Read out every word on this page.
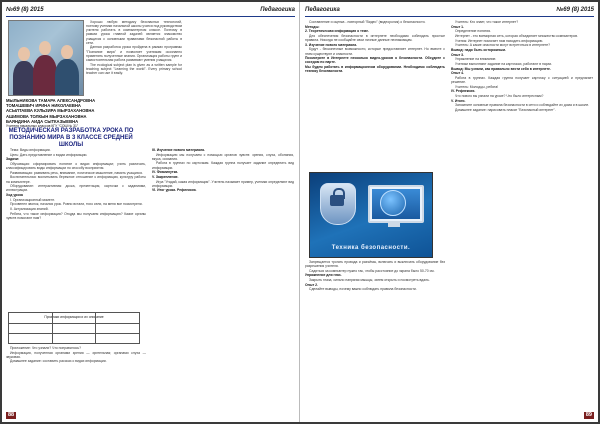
№69 (8) 2015	Педагогика

Хорошо любую методику безопасных технологий, поэтому ученики начальной школы учатся под руководством учителя работать в компьютерном классе. Поэтому в рамках урока главной задачей является знакомство учащихся с основными правилами безопасной работы в сети.

Данная разработка урока пройдена в рамках программы "Познание мира" и позволяет ученикам осознанно применять полученные знания. Организация работы групп и самостоятельная работа развивают умения учащихся.

The ecological subject plan is given as a written sample for teaching subject "Learning the world". Every primary school teacher can use it easily.

МЫЛЬНИКОВА ТАМАРА АЛЕКСАНДРОВНА
ТОМАШЕВИЧ ИРИНА НИКОЛАЕВНА
АСЫЛТАЕВА КУЛЬЗИРА МЫРЗАХАНОВНА
АШИМОВА ТОЛКЫН МЫРЗАХАНОВНА
БАЯНДИНА АИДА СЫТКАЗЫЕВНА
Учителя начальных классов КГУ "СОШ № 31"
МЕТОДИЧЕСКАЯ РАЗРАБОТКА УРОКА ПО ПОЗНАНИЮ МИРА В 3 КЛАССЕ СРЕДНЕЙ ШКОЛЫ

Тема: Виды информации.

Цель: Дать представление о видах информации.

Задачи:

Обучающая: сформировать понятие о видах информации; учить различать, классифицировать виды информации по способу восприятия.

Развивающая: развивать речь, внимание, логическое мышление, память учащихся.

Воспитательная: воспитывать бережное отношение к информации, культуру работы на компьютере.

Оборудование: интерактивная доска, презентация, карточки с заданиями, иллюстрации.

Ход урока

I. Организационный момент.

Прозвенел звонок, начался урок. Ровно встали, тихо сели, на меня все посмотрели.

II. Актуализация знаний.

Ребята, что такое информация? Откуда мы получаем информацию? Какие органы чувств помогают нам?

III. Изучение нового материала.

Информацию мы получаем с помощью органов чувств: зрения, слуха, обоняния, вкуса, осязания.

Работа в группах по карточкам. Каждая группа получает задание определить вид информации.

IV. Физминутка.

V. Закрепление.

Игра "Угадай, какая информация". Учитель называет пример, ученики определяют вид информации.

VI. Итог урока. Рефлексия.

Признаки информации и их описание

Приложение: Что узнали? Что понравилось?

Информация, полученная органами зрения — зрительная; органами слуха — звуковая.

Домашнее задание: составить рассказ о видах информации.

88
Педагогика	№69 (8) 2015

Составление и оценка - повторный "Видео" (видеоролик) о безопасности.

Методы:

2. Теоретическая информация о теме.

Для обеспечения безопасности в интернете необходимо соблюдать простые правила. Никогда не сообщайте свои личные данные незнакомцам.

3. Изучение нового материала.

Будут - бесконечные возможности, которые предоставляет интернет. Но вместе с этим существуют и опасности.

Посмотрите в Интернете несколько видео-уроков о безопасности. Обсудите с соседом по парте.

Мы будем работать в информационном оборудовании. Необходимо соблюдать технику безопасности.

Техника безопасности.

Запрещается трогать провода и разъёмы, включать и выключать оборудование без разрешения учителя.

Садиться за компьютер нужно так, чтобы расстояние до экрана было 50-70 см.

Упражнение для глаз.

Закрыть глаза, сильно напрягая мышцы, затем открыть и посмотреть вдаль.

Опыт 2.

Сделайте выводы, почему важно соблюдать правила безопасности.

Учитель: Кто знает, что такое интернет?

Опыт 1.

Определение понятия.

Интернет - это всемирная сеть, которая объединяет множество компьютеров.

Ученик: Интернет помогает нам находить информацию.

Учитель: А какие опасности могут встретиться в интернете?

Вывод: надо быть осторожным.

Опыт 3.

Упражнение на внимание.

Ученики выполняют задание на карточках, работают в парах.

Вывод: Мы узнали, как правильно вести себя в интернете.

Опыт 4.

Работа в группах. Каждая группа получает карточку с ситуацией и предлагает решение.

Учитель: Молодцы, ребята!

IV. Рефлексия.

Что нового вы узнали на уроке? Что было интересным?

V. Итоги.

Запомните основные правила безопасности в сети и соблюдайте их дома и в школе.

Домашнее задание: нарисовать плакат "Безопасный интернет".

89
